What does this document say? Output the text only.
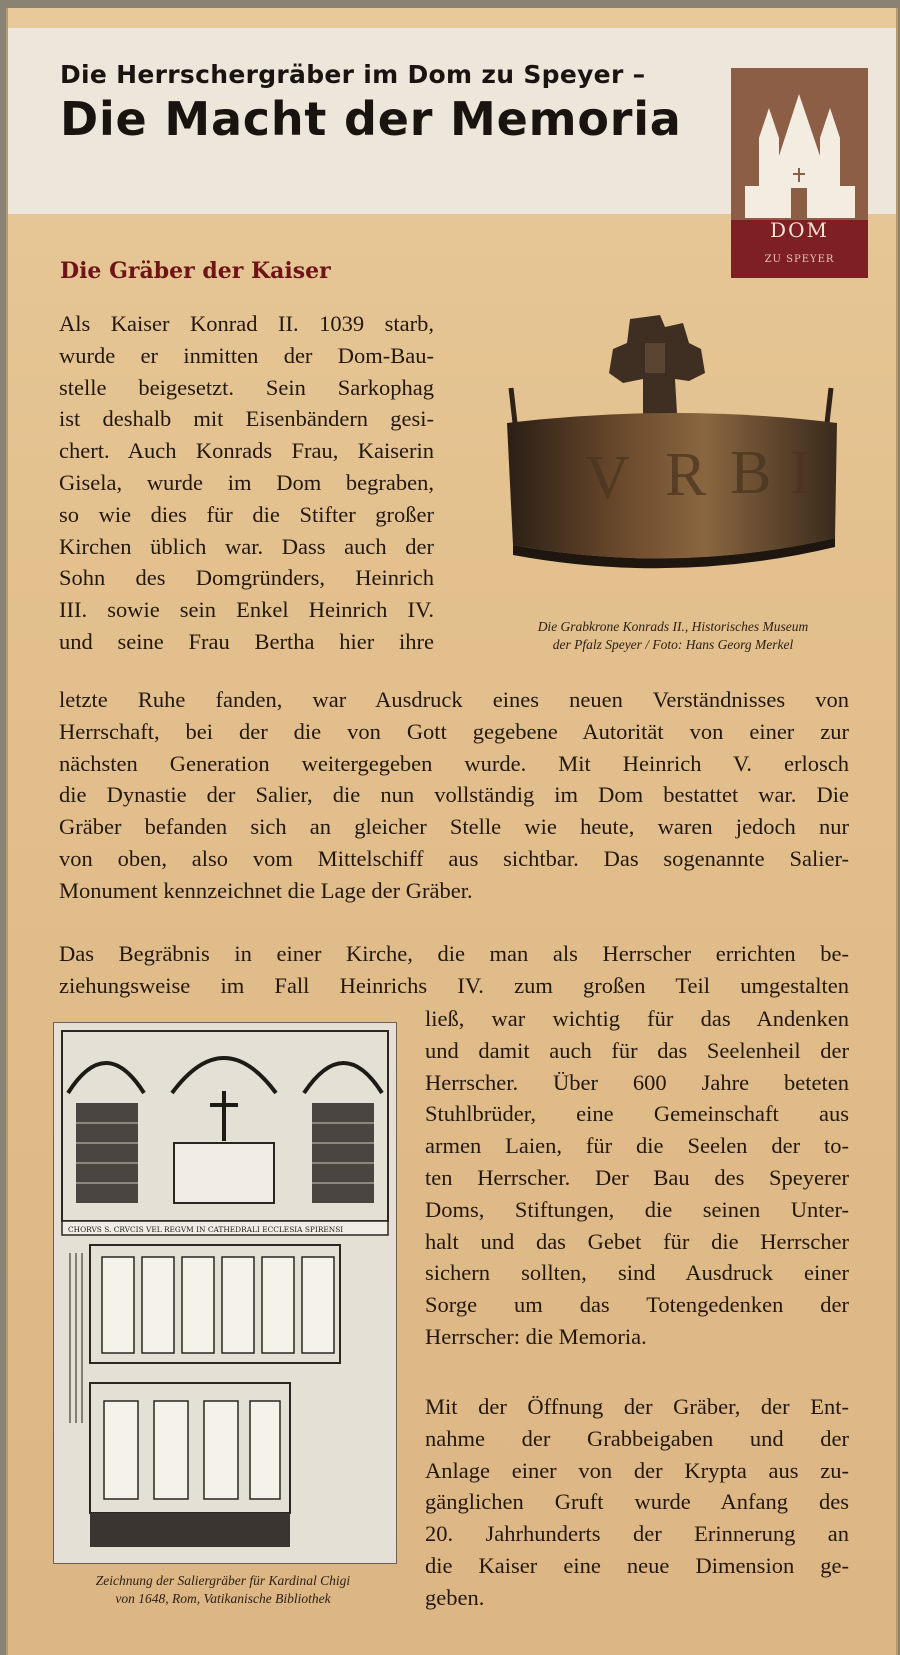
Die Herrschergräber im Dom zu Speyer –
Die Macht der Memoria
DOM
ZU SPEYER
Die Gräber der Kaiser
Als Kaiser Konrad II. 1039 starb,
wurde er inmitten der Dom-Bau-
stelle beigesetzt. Sein Sarkophag
ist deshalb mit Eisenbändern gesi-
chert. Auch Konrads Frau, Kaiserin
Gisela, wurde im Dom begraben,
so wie dies für die Stifter großer
Kirchen üblich war. Dass auch der
Sohn des Domgründers, Heinrich
III. sowie sein Enkel Heinrich IV.
und seine Frau Bertha hier ihre
V R B I
Die Grabkrone Konrads II., Historisches Museum
der Pfalz Speyer / Foto: Hans Georg Merkel
letzte Ruhe fanden, war Ausdruck eines neuen Verständnisses von
Herrschaft, bei der die von Gott gegebene Autorität von einer zur
nächsten Generation weitergegeben wurde. Mit Heinrich V. erlosch
die Dynastie der Salier, die nun vollständig im Dom bestattet war. Die
Gräber befanden sich an gleicher Stelle wie heute, waren jedoch nur
von oben, also vom Mittelschiff aus sichtbar. Das sogenannte Salier-
Monument kennzeichnet die Lage der Gräber.
Das Begräbnis in einer Kirche, die man als Herrscher errichten be-
ziehungsweise im Fall Heinrichs IV. zum großen Teil umgestalten
CHORVS S. CRVCIS VEL REGVM IN CATHEDRALI ECCLESIA SPIRENSI
Zeichnung der Saliergräber für Kardinal Chigi
von 1648, Rom, Vatikanische Bibliothek
ließ, war wichtig für das Andenken
und damit auch für das Seelenheil der
Herrscher. Über 600 Jahre beteten
Stuhlbrüder, eine Gemeinschaft aus
armen Laien, für die Seelen der to-
ten Herrscher. Der Bau des Speyerer
Doms, Stiftungen, die seinen Unter-
halt und das Gebet für die Herrscher
sichern sollten, sind Ausdruck einer
Sorge um das Totengedenken der
Herrscher: die Memoria.
Mit der Öffnung der Gräber, der Ent-
nahme der Grabbeigaben und der
Anlage einer von der Krypta aus zu-
gänglichen Gruft wurde Anfang des
20. Jahrhunderts der Erinnerung an
die Kaiser eine neue Dimension ge-
geben.
